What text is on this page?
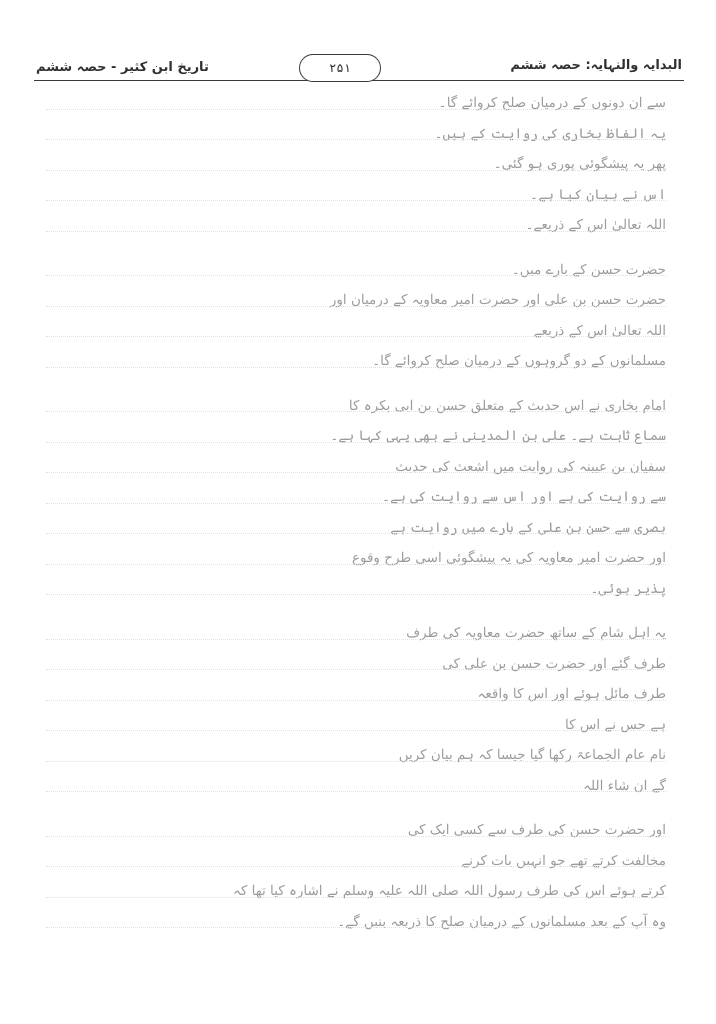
البدایہ والنہایہ: حصہ ششم
۲۵۱
تاریخ ابن کثیر - حصہ ششم
سے ان دونوں کے درمیان صلح کروائے گا۔
یہ الفاظ بخاری کی روایت کے ہیں۔
پھر یہ پیشگوئی پوری ہو گئی۔
اس نے بیان کیا ہے۔
اللہ تعالیٰ اس کے ذریعے۔
حضرت حسن کے بارے میں۔
حضرت حسن بن علی اور حضرت امیر معاویہ کے درمیان اور
اللہ تعالیٰ اس کے ذریعے
مسلمانوں کے دو گروہوں کے درمیان صلح کروائے گا۔
امام بخاری نے اس حدیث کے متعلق حسن بن ابی بکرہ کا
سماع ثابت ہے۔ علی بن المدینی نے بھی یہی کہا ہے۔
سفیان بن عیینہ کی روایت میں اشعث کی حدیث
سے روایت کی ہے اور اس سے روایت کی ہے۔
بصری سے حسن بن علی کے بارے میں روایت ہے
اور حضرت امیر معاویہ کی یہ پیشگوئی اسی طرح وقوع
پذیر ہوئی۔
یہ اہل شام کے ساتھ حضرت معاویہ کی طرف
طرف گئے اور حضرت حسن بن علی کی
طرف مائل ہوئے اور اس کا واقعہ
ہے جس نے اس کا
نام عام الجماعۃ رکھا گیا جیسا کہ ہم بیان کریں
گے ان شاء اللہ
اور حضرت حسن کی طرف سے کسی ایک کی
مخالفت کرتے تھے جو انہیں بات کرنے
کرتے ہوئے اس کی طرف رسول اللہ صلی اللہ علیہ وسلم نے اشارہ کیا تھا کہ
وہ آپ کے بعد مسلمانوں کے درمیان صلح کا ذریعہ بنیں گے۔
